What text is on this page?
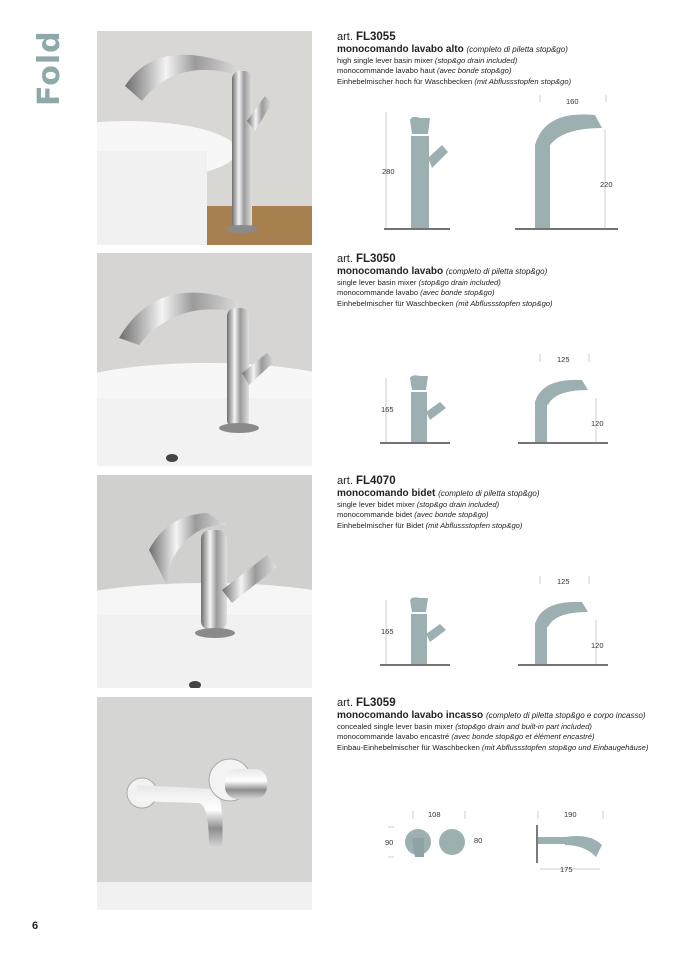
Fold	art. FL3055
monocomando lavabo alto (completo di piletta stop&go)
high single lever basin mixer (stop&go drain included)
monocommande lavabo haut (avec bonde stop&go)
Einhebelmischer hoch für Waschbecken (mit Abflussstopfen stop&go)
280
160
220
art. FL3050
monocomando lavabo (completo di piletta stop&go)
single lever basin mixer (stop&go drain included)
monocommande lavabo (avec bonde stop&go)
Einhebelmischer für Waschbecken (mit Abflussstopfen stop&go)
165
125
120
art. FL4070
monocomando bidet (completo di piletta stop&go)
single lever bidet mixer (stop&go drain included)
monocommande bidet (avec bonde stop&go)
Einhebelmischer für Bidet (mit Abflussstopfen stop&go)
165
125
120
art. FL3059
monocomando lavabo incasso (completo di piletta stop&go e corpo incasso)
concealed single lever basin mixer (stop&go drain and built-in part included)
monocommande lavabo encastré (avec bonde stop&go et élément encastré)
Einbau-Einhebelmischer für Waschbecken (mit Abflussstopfen stop&go und Einbaugehäuse)
108
90	80
190
175
6
